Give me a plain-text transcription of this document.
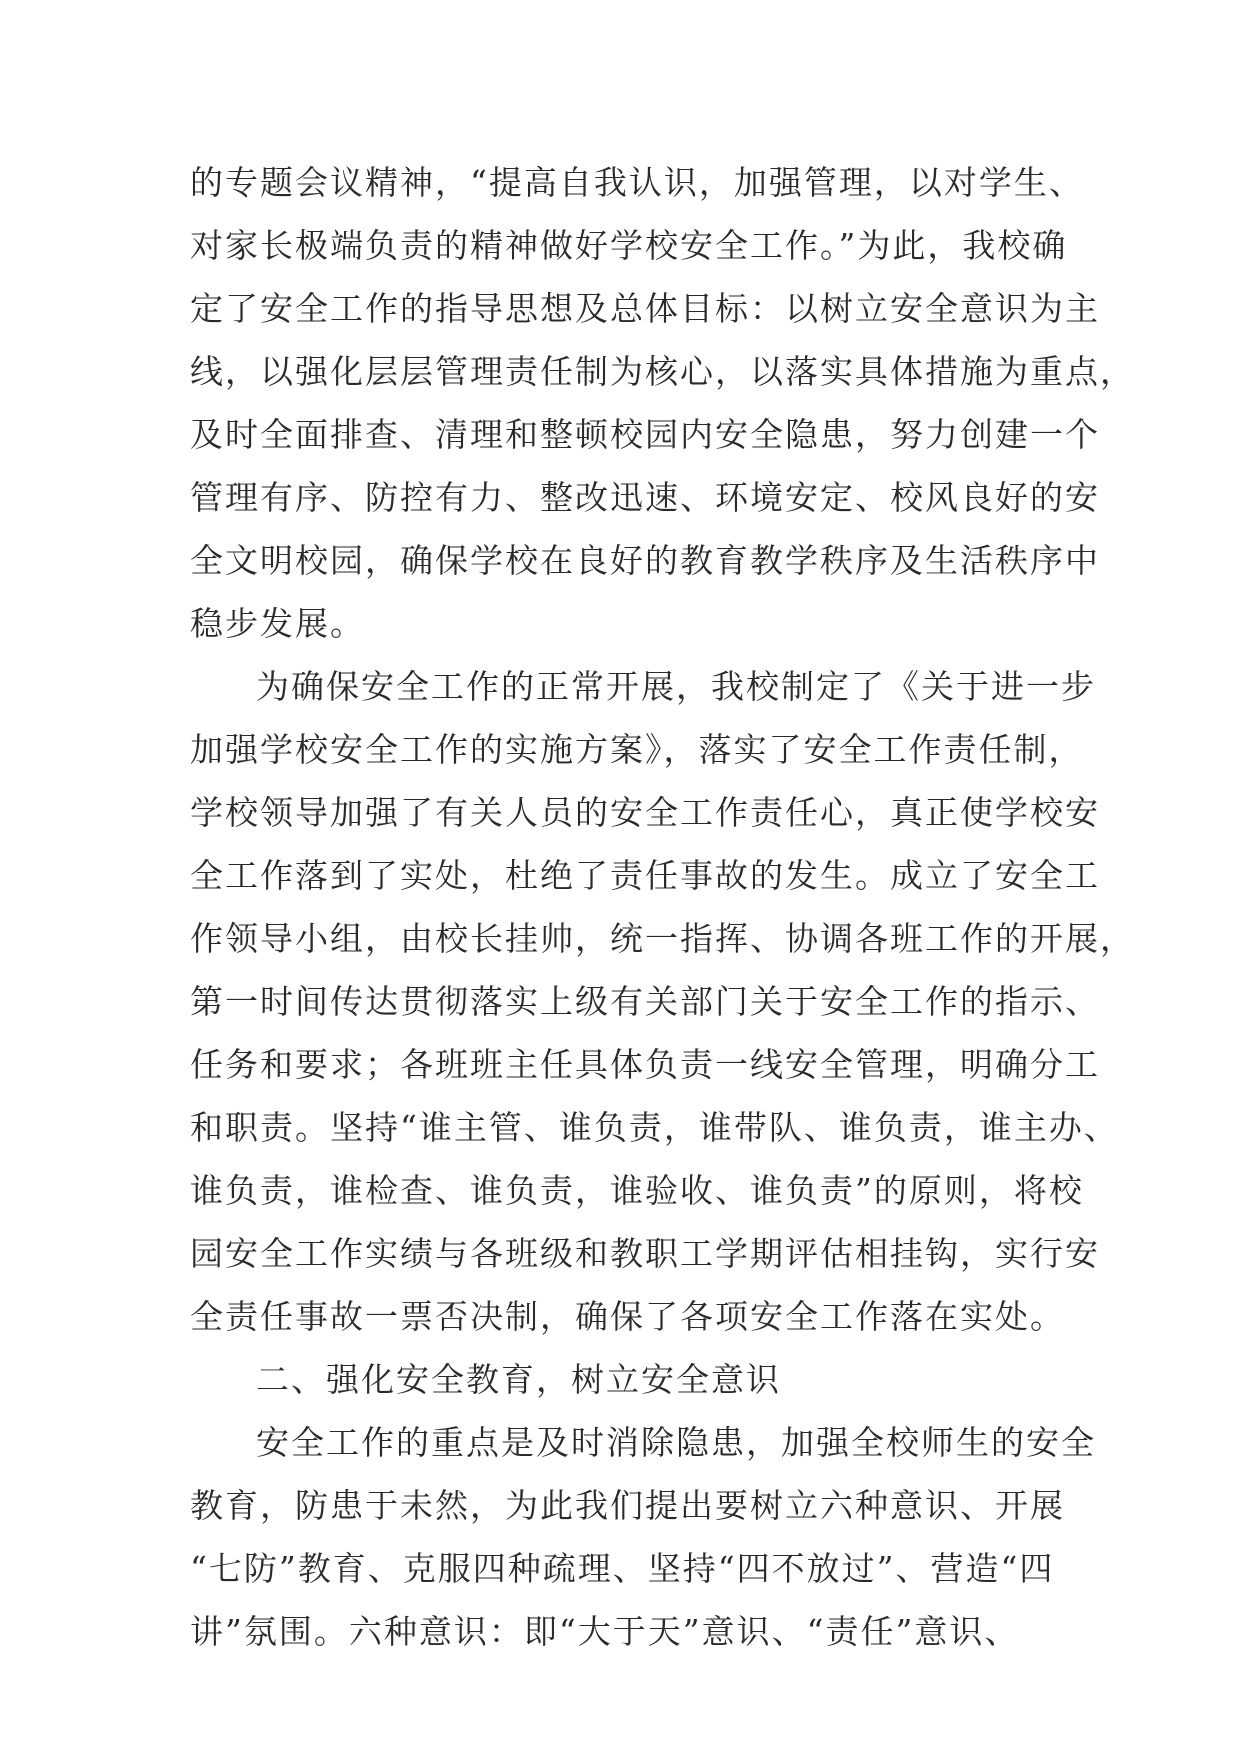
的专题会议精神，“提高自我认识，加强管理，以对学生、
对家长极端负责的精神做好学校安全工作。”为此，我校确
定了安全工作的指导思想及总体目标：以树立安全意识为主
线，以强化层层管理责任制为核心，以落实具体措施为重点，
及时全面排查、清理和整顿校园内安全隐患，努力创建一个
管理有序、防控有力、整改迅速、环境安定、校风良好的安
全文明校园，确保学校在良好的教育教学秩序及生活秩序中
稳步发展。
为确保安全工作的正常开展，我校制定了《关于进一步
加强学校安全工作的实施方案》，落实了安全工作责任制，
学校领导加强了有关人员的安全工作责任心，真正使学校安
全工作落到了实处，杜绝了责任事故的发生。成立了安全工
作领导小组，由校长挂帅，统一指挥、协调各班工作的开展，
第一时间传达贯彻落实上级有关部门关于安全工作的指示、
任务和要求；各班班主任具体负责一线安全管理，明确分工
和职责。坚持“谁主管、谁负责，谁带队、谁负责，谁主办、
谁负责，谁检查、谁负责，谁验收、谁负责”的原则，将校
园安全工作实绩与各班级和教职工学期评估相挂钩，实行安
全责任事故一票否决制，确保了各项安全工作落在实处。
二、强化安全教育，树立安全意识
安全工作的重点是及时消除隐患，加强全校师生的安全
教育，防患于未然，为此我们提出要树立六种意识、开展
“七防”教育、克服四种疏理、坚持“四不放过”、营造“四
讲”氛围。六种意识：即“大于天”意识、“责任”意识、
